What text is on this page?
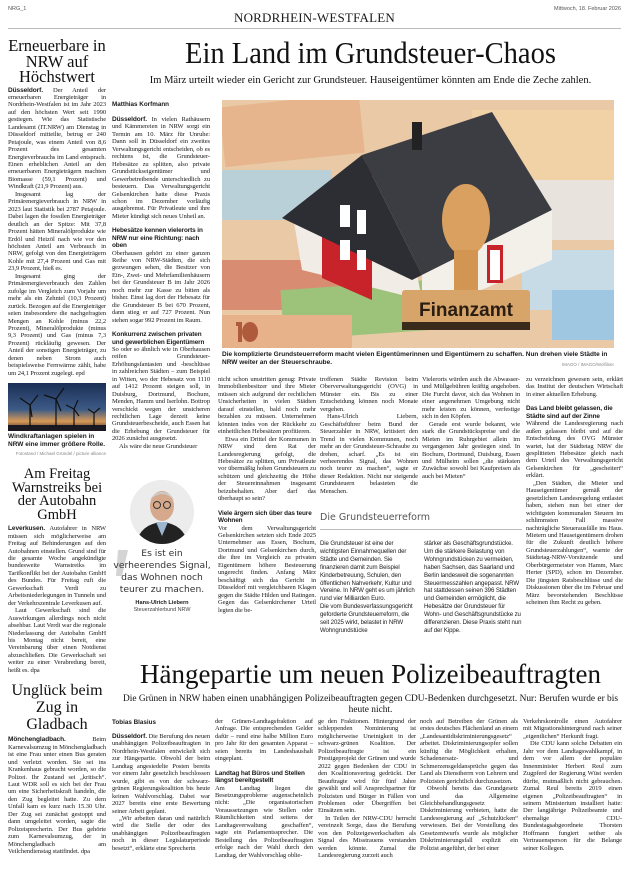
NRG_1	Mittwoch, 18. Februar 2026
NORDRHEIN-WESTFALEN
Erneuerbare in NRW auf Höchstwert

Düsseldorf. Der Anteil der erneuerbaren Energieträger in Nordrhein-Westfalen ist im Jahr 2023 auf den höchsten Wert seit 1990 gestiegen. Wie das Statistische Landesamt (IT.NRW) am Dienstag in Düsseldorf mitteilte, betrug er 240 Petajoule, was einem Anteil von 8,6 Prozent des gesamten Energieverbrauchs im Land entsprach. Einen erheblichen Anteil an den erneuerbaren Energieträgern machten Biomasse (59,1 Prozent) und Windkraft (21,9 Prozent) aus.

Insgesamt lag der Primärenergieverbrauch in NRW in 2023 laut Statistik bei 2787 Petajoule. Dabei lagen die fossilen Energieträger deutlich an der Spitze: Mit 37,8 Prozent hätten Mineralölprodukte wie Erdöl und Heizöl nach wie vor den höchsten Anteil am Verbrauch in NRW, gefolgt von den Energieträgern Kohle mit 27,4 Prozent und Gas mit 23,9 Prozent, hieß es.

Insgesamt ging der Primärenergieverbrauch den Zahlen zufolge im Vergleich zum Vorjahr um mehr als ein Zehntel (10,3 Prozent) zurück. Bezogen auf die Energieträger seien insbesondere die nachgefragten Mengen an Kohle (minus 22,2 Prozent), Mineralölprodukte (minus 9,3 Prozent) und Gas (minus 7,3 Prozent) rückläufig gewesen. Der Anteil der sonstigen Energieträger, zu denen neben Strom auch beispielsweise Fernwärme zählt, habe um 24,1 Prozent zugelegt. epd

Windkraftanlagen spielen in NRW eine immer größere Rolle.
Fotostand / Michael Gründel / picture alliance
Am Freitag Warnstreiks bei der Autobahn GmbH

Leverkusen. Autofahrer in NRW müssen sich möglicherweise am Freitag auf Behinderungen auf den Autobahnen einstellen. Grund sind für die gesamte Woche angekündigte bundesweite Warnstreiks im Tarifkonflikt bei der Autobahn GmbH des Bundes. Für Freitag ruft die Gewerkschaft Verdi zu Arbeitsniederlegungen in Tunneln und der Verkehrszentrale Leverkusen auf.

Laut Gewerkschaft sind die Auswirkungen allerdings noch nicht absehbar. Laut Verdi war die regionale Niederlassung der Autobahn GmbH bis Montag nicht bereit, eine Vereinbarung über einen Notdienst abzuschließen. Die Gewerkschaft sei weiter zu einer Verabredung bereit, heißt es. dpa

Unglück beim Zug in Gladbach

Mönchengladbach. Beim Karnevalsumzug in Mönchengladbach ist eine Frau unter einen Bus geraten und verletzt worden. Sie sei ins Krankenhaus gebracht worden, so die Polizei. Ihr Zustand sei „kritisch“. Laut WDR soll es sich bei der Frau um eine Sicherheitskraft handeln, die den Zug begleitet hatte. Zu dem Unfall kam es kurz nach 15.30 Uhr. Der Zug sei zunächst gestoppt und dann umgeleitet worden, sagte die Polizeisprecherin. Der Bus gehörte zum Karnevalsumzug, der in Mönchengladbach am Veilchendienstag stattfindet. dpa

Ein Land im Grundsteuer-Chaos
Im März urteilt wieder ein Gericht zur Grundsteuer. Hauseigentümer könnten am Ende die Zeche zahlen.
Matthias Korfmann

Düsseldorf. In vielen Rathäusern und Kämmereien in NRW sorgt ein Termin am 10. März für Unruhe: Dann soll in Düsseldorf ein zweites Verwaltungsgericht entscheiden, ob es rechtens ist, die Grundsteuer-Hebesätze zu splitten, also private Grundstückseigentümer und Gewerbetreibende unterschiedlich zu besteuern. Das Verwaltungsgericht Gelsenkirchen hatte diese Praxis schon im Dezember vorläufig ausgebremst. Für Privatleute und ihre Mieter kündigt sich neues Unheil an.

Hebesätze kennen vielerorts in NRW nur eine Richtung: nach oben

Oberhausen gehört zu einer ganzen Reihe von NRW-Städten, die sich gezwungen sehen, die Besitzer von Ein-, Zwei- und Mehrfamilienhäusern bei der Grundsteuer B im Jahr 2026 noch mehr zur Kasse zu bitten als bisher. Einst lag dort der Hebesatz für die Grundsteuer B bei 670 Prozent, dann stieg er auf 727 Prozent. Nun stehen sogar 992 Prozent im Raum.

Konkurrenz zwischen privaten und gewerblichen Eigentümern

So oder so ähnlich wie in Oberhausen reifen Grundsteuer-Erhöhungsfantasien und -beschlüsse in zahlreichen Städten – zum Beispiel in Witten, wo der Hebesatz von 1110 auf 1412 Prozent steigen soll, in Duisburg, Dortmund, Bochum, Menden, Hamm und Iserlohn. Bottrop verschickt wegen der unsicheren rechtlichen Lage derzeit keine Grundsteuerbescheide, auch Essen hat die Erhebung der Grundsteuer für 2026 zunächst ausgesetzt.

Als wäre die neue Grundsteuer

Es ist ein verheerendes Signal, das Wohnen noch teurer zu machen.
Hans-Ulrich Liebern
Steuerzahlerbund NRW
Finanzamt
Die komplizierte Grundsteuerreform macht vielen Eigentümerinnen und Eigentümern zu schaffen. Nun drehen viele Städte in NRW weiter an der Steuerschraube.	IMAGO / IMAGO/Wolfilser

nicht schon umstritten genug: Private Immobilienbesitzer und ihre Mieter müssen sich aufgrund der rechtlichen Unsicherheiten in vielen Städten darauf einstellen, bald noch mehr bezahlen zu müssen. Unternehmen könnten indes von der Rückkehr zu einheitlichen Hebesätzen profitieren.

Etwa ein Drittel der Kommunen in NRW sind dem Rat der Landesregierung gefolgt, die Hebesätze zu splitten, um Privatleute vor übermäßig hohen Grundsteuern zu schützen und gleichzeitig die Höhe der Steuereinnahmen insgesamt beizubehalten. Aber darf das überhaupt so sein?

Viele ärgern sich über das teure Wohnen

Vor dem Verwaltungsgericht Gelsenkirchen setzten sich Ende 2025 Unternehmer aus Essen, Bochum, Dortmund und Gelsenkirchen durch, die ihre im Vergleich zu privaten Eigentümern höhere Besteuerung ungerecht finden. Anfang März beschäftigt sich das Gericht in Düsseldorf mit vergleichbaren Klagen gegen die Städte Hilden und Ratingen. Gegen das Gelsenkirchener Urteil legten die be-

troffenen Städte Revision beim Oberverwaltungsgericht (OVG) in Münster ein. Bis zu einer Entscheidung können noch Monate vergehen.

Hans-Ulrich Liebern, Geschäftsführer beim Bund der Steuerzahler in NRW, kritisiert den Trend in vielen Kommunen, noch mehr an der Grundsteuer-Schraube zu drehen, scharf. „Es ist ein verheerendes Signal, das Wohnen noch teurer zu machen“, sagte er dieser Redaktion. Nicht nur steigende Grundsteuern belasteten die Menschen.

Vielerorts würden auch die Abwasser- und Müllgebühren kräftig angehoben. Die Furcht davor, sich das Wohnen in einer angenehmen Umgebung nicht mehr leisten zu können, verfestige sich in den Köpfen.

Gerade erst wurde bekannt, wie stark die Grundstückspreise und die Mieten im Ruhrgebiet allein im vergangenen Jahr gestiegen sind. In Bochum, Dortmund, Duisburg, Essen und Mülheim sollen „die stärksten Zuwächse sowohl bei Kaufpreisen als auch bei Mieten“

zu verzeichnen gewesen sein, erklärt das Institut der deutschen Wirtschaft in einer aktuellen Erhebung.

Das Land bleibt gelassen, die Städte sind auf der Zinne

Während die Landesregierung nach außen gelassen bleibt und auf die Entscheidung des OVG Münster wartet, hat der Städtetag NRW die gesplitteten Hebesätze gleich nach dem Urteil des Verwaltungsgericht Gelsenkirchen für „gescheitert“ erklärt.

„Den Städten, die Mieter und Hauseigentümer gemäß der gesetzlichen Landesregelung entlastet haben, stehen nun bei einer der wichtigsten kommunalen Steuern im schlimmsten Fall massive nachträgliche Steuerausfälle ins Haus. Mietern und Hauseigentümern drohen für die Zukunft deutlich höhere Grundsteuerzahlungen“, warnte der Städtetag-NRW-Vorsitzende und Oberbürgermeister von Hamm, Marc Herter (SPD), schon im Dezember. Die jüngsten Ratsbeschlüsse und die Diskussionen über die im Februar und März bevorstehenden Beschlüsse scheinen ihm Recht zu geben.

Die Grundsteuerreform

Die Grundsteuer ist eine der wichtigsten Einnahmequellen der Städte und Gemeinden. Sie finanzieren damit zum Beispiel Kinderbetreuung, Schulen, den öffentlichen Nahverkehr, Kultur und Vereine. In NRW geht es um jährlich rund vier Milliarden Euro.

Die vom Bundesverfassungsgericht geforderte Grundsteuerreform, die seit 2025 wirkt, belastet in NRW Wohngrundstücke

stärker als Geschäftsgrundstücke. Um die stärkere Belastung von Wohngrundstücken zu vermeiden, haben Sachsen, das Saarland und Berlin landesweit die sogenannten Steuermesszahlen angepasst. NRW hat stattdessen seinen 396 Städten und Gemeinden ermöglicht, die Hebesätze der Grundsteuer für Wohn- und Geschäftsgrundstücke zu differenzieren. Diese Praxis steht nun auf der Kippe.

Hängepartie um neuen Polizeibeauftragten
Die Grünen in NRW haben einen unabhängigen Polizeibeauftragten gegen CDU-Bedenken durchgesetzt. Nur: Berufen wurde er bis heute nicht.
Tobias Blasius

Düsseldorf. Die Berufung des neuen unabhängigen Polizeibeauftragten in Nordrhein-Westfalen entwickelt sich zur Hängepartie. Obwohl der beim Landtag angesiedelte Posten bereits vor einem Jahr gesetzlich beschlossen wurde, gibt es von der schwarz-grünen Regierungskoalition bis heute keinen Wahlvorschlag. Dabei war 2027 bereits eine erste Bewertung seiner Arbeit geplant.

„Wir arbeiten daran und natürlich wird die Stelle der oder des unabhängigen Polizeibeauftragten noch in dieser Legislaturperiode besetzt“, erklärte eine Sprecherin

der Grünen-Landtagsfraktion auf Anfrage. Die entsprechenden Gelder dafür – rund eine halbe Million Euro pro Jahr für den gesamten Apparat – seien bereits im Landeshaushalt eingeplant.

Landtag hat Büros und Stellen längst bereitgestellt

Am Landtag liegen die Besetzungsprobleme augenscheinlich nicht: „Die organisatorischen Voraussetzungen wie Stellen oder Räumlichkeiten sind seitens der Landtagsverwaltung geschaffen“, sagte ein Parlamentssprecher. Die Bestellung des Polizeibeauftragten erfolge nach der Wahl durch den Landtag, der Wahlvorschlag oblie-

ge den Fraktionen. Hintergrund der schleppenden Nominierung ist möglicherweise Uneinigkeit in der schwarz-grünen Koalition. Der Polizeibeauftragte ist ein Prestigeprojekt der Grünen und wurde 2022 gegen Bedenken der CDU in den Koalitionsvertrag gedrückt. Der Beauftragte wird für fünf Jahre gewählt und soll Ansprechpartner für Polizisten und Bürger in Fällen von Problemen oder Übergriffen bei Einsätzen sein.

In Teilen der NRW-CDU herrscht vereinzelt Sorge, dass die Berufung von den Polizeigewerkschaften als Signal des Misstrauens verstanden werden könnte. Zumal die Landesregierung zurzeit auch

noch auf Betreiben der Grünen als erstes deutsches Flächenland an einem „Landesantidiskriminierungsgesetz“ arbeitet. Diskriminierungsopfer sollen künftig die Möglichkeit erhalten, Schadenersatz- und Schmerzensgeldansprüche gegen das Land als Dienstherrn von Lehrern und Polizisten gerichtlich durchzusetzen.

Obwohl bereits das Grundgesetz und das Allgemeine Gleichbehandlungsgesetz Diskriminierung verbieten, hatte die Landesregierung auf „Schutzlücken“ verwiesen. Bei der Vorstellung des Gesetzentwurfs wurde als möglicher Diskriminierungsfall explizit ein Polizist angeführt, der bei einer

Verkehrskontrolle einen Autofahrer mit Migrationshintergrund nach seiner „eigentlichen“ Herkunft fragt.

Die CDU kann solche Debatten ein Jahr vor dem Landtagswahlkampf, in dem vor allem der populäre Innenminister Herbert Reul zum Zugpferd der Regierung Wüst werden dürfte, mutmaßlich nicht gebrauchen. Zumal Reul bereits 2019 einen eigenen „Polizeibeauftragten“ in seinem Ministerium installiert hatte: Der langjährige Polizeibeamte und ehemalige CDU-Bundestagsabgeordnete Thorsten Hoffmann fungiert seither als Vertrauensperson für die Belange seiner Kollegen.
